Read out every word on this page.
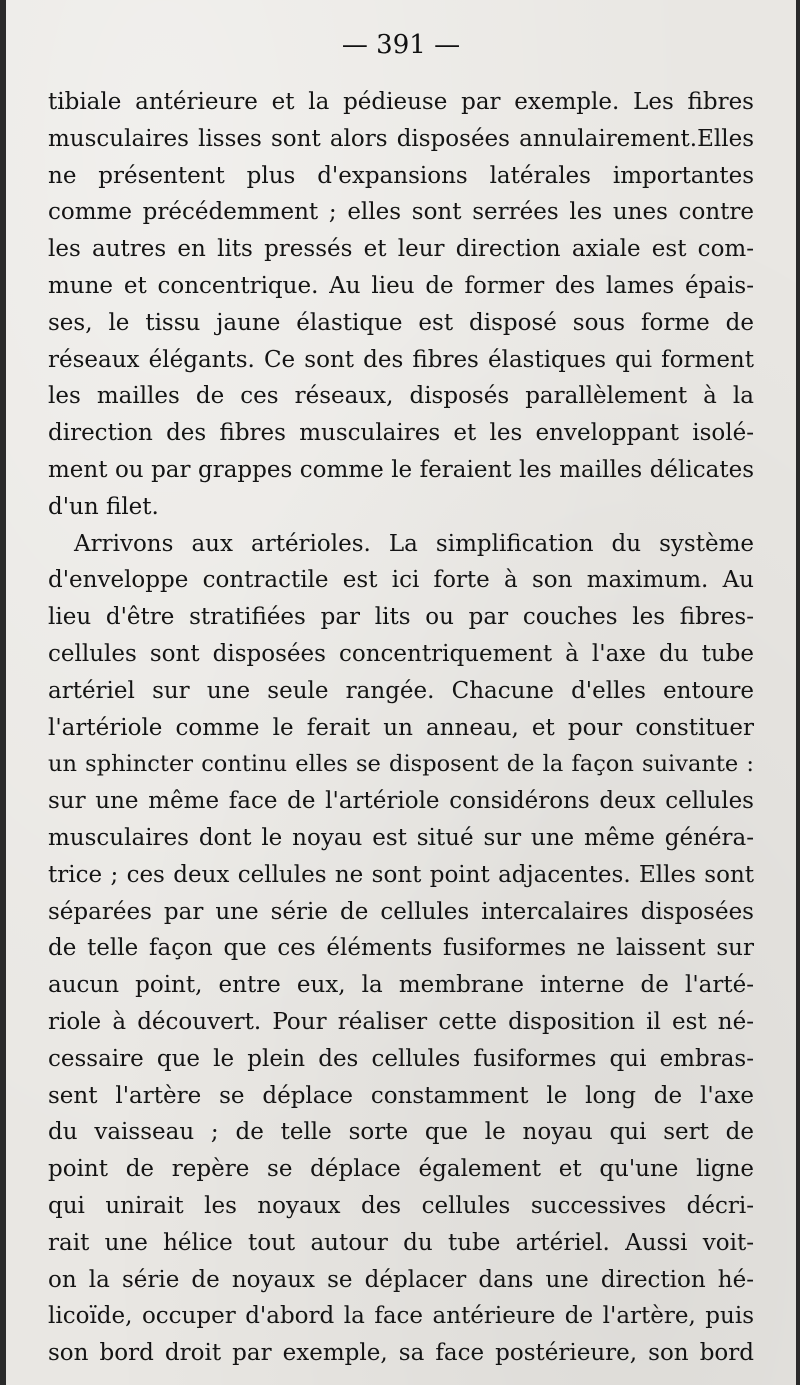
— 391 —
tibiale antérieure et la pédieuse par exemple. Les fibres
musculaires lisses sont alors disposées annulairement.Elles
ne présentent plus d'expansions latérales importantes
comme précédemment ; elles sont serrées les unes contre
les autres en lits pressés et leur direction axiale est com-
mune et concentrique. Au lieu de former des lames épais-
ses, le tissu jaune élastique est disposé sous forme de
réseaux élégants. Ce sont des fibres élastiques qui forment
les mailles de ces réseaux, disposés parallèlement à la
direction des fibres musculaires et les enveloppant isolé-
ment ou par grappes comme le feraient les mailles délicates
d'un filet.
Arrivons aux artérioles. La simplification du système
d'enveloppe contractile est ici forte à son maximum. Au
lieu d'être stratifiées par lits ou par couches les fibres-
cellules sont disposées concentriquement à l'axe du tube
artériel sur une seule rangée. Chacune d'elles entoure
l'artériole comme le ferait un anneau, et pour constituer
un sphincter continu elles se disposent de la façon suivante :
sur une même face de l'artériole considérons deux cellules
musculaires dont le noyau est situé sur une même généra-
trice ; ces deux cellules ne sont point adjacentes. Elles sont
séparées par une série de cellules intercalaires disposées
de telle façon que ces éléments fusiformes ne laissent sur
aucun point, entre eux, la membrane interne de l'arté-
riole à découvert. Pour réaliser cette disposition il est né-
cessaire que le plein des cellules fusiformes qui embras-
sent l'artère se déplace constamment le long de l'axe
du vaisseau ; de telle sorte que le noyau qui sert de
point de repère se déplace également et qu'une ligne
qui unirait les noyaux des cellules successives décri-
rait une hélice tout autour du tube artériel. Aussi voit-
on la série de noyaux se déplacer dans une direction hé-
licoïde, occuper d'abord la face antérieure de l'artère, puis
son bord droit par exemple, sa face postérieure, son bord
